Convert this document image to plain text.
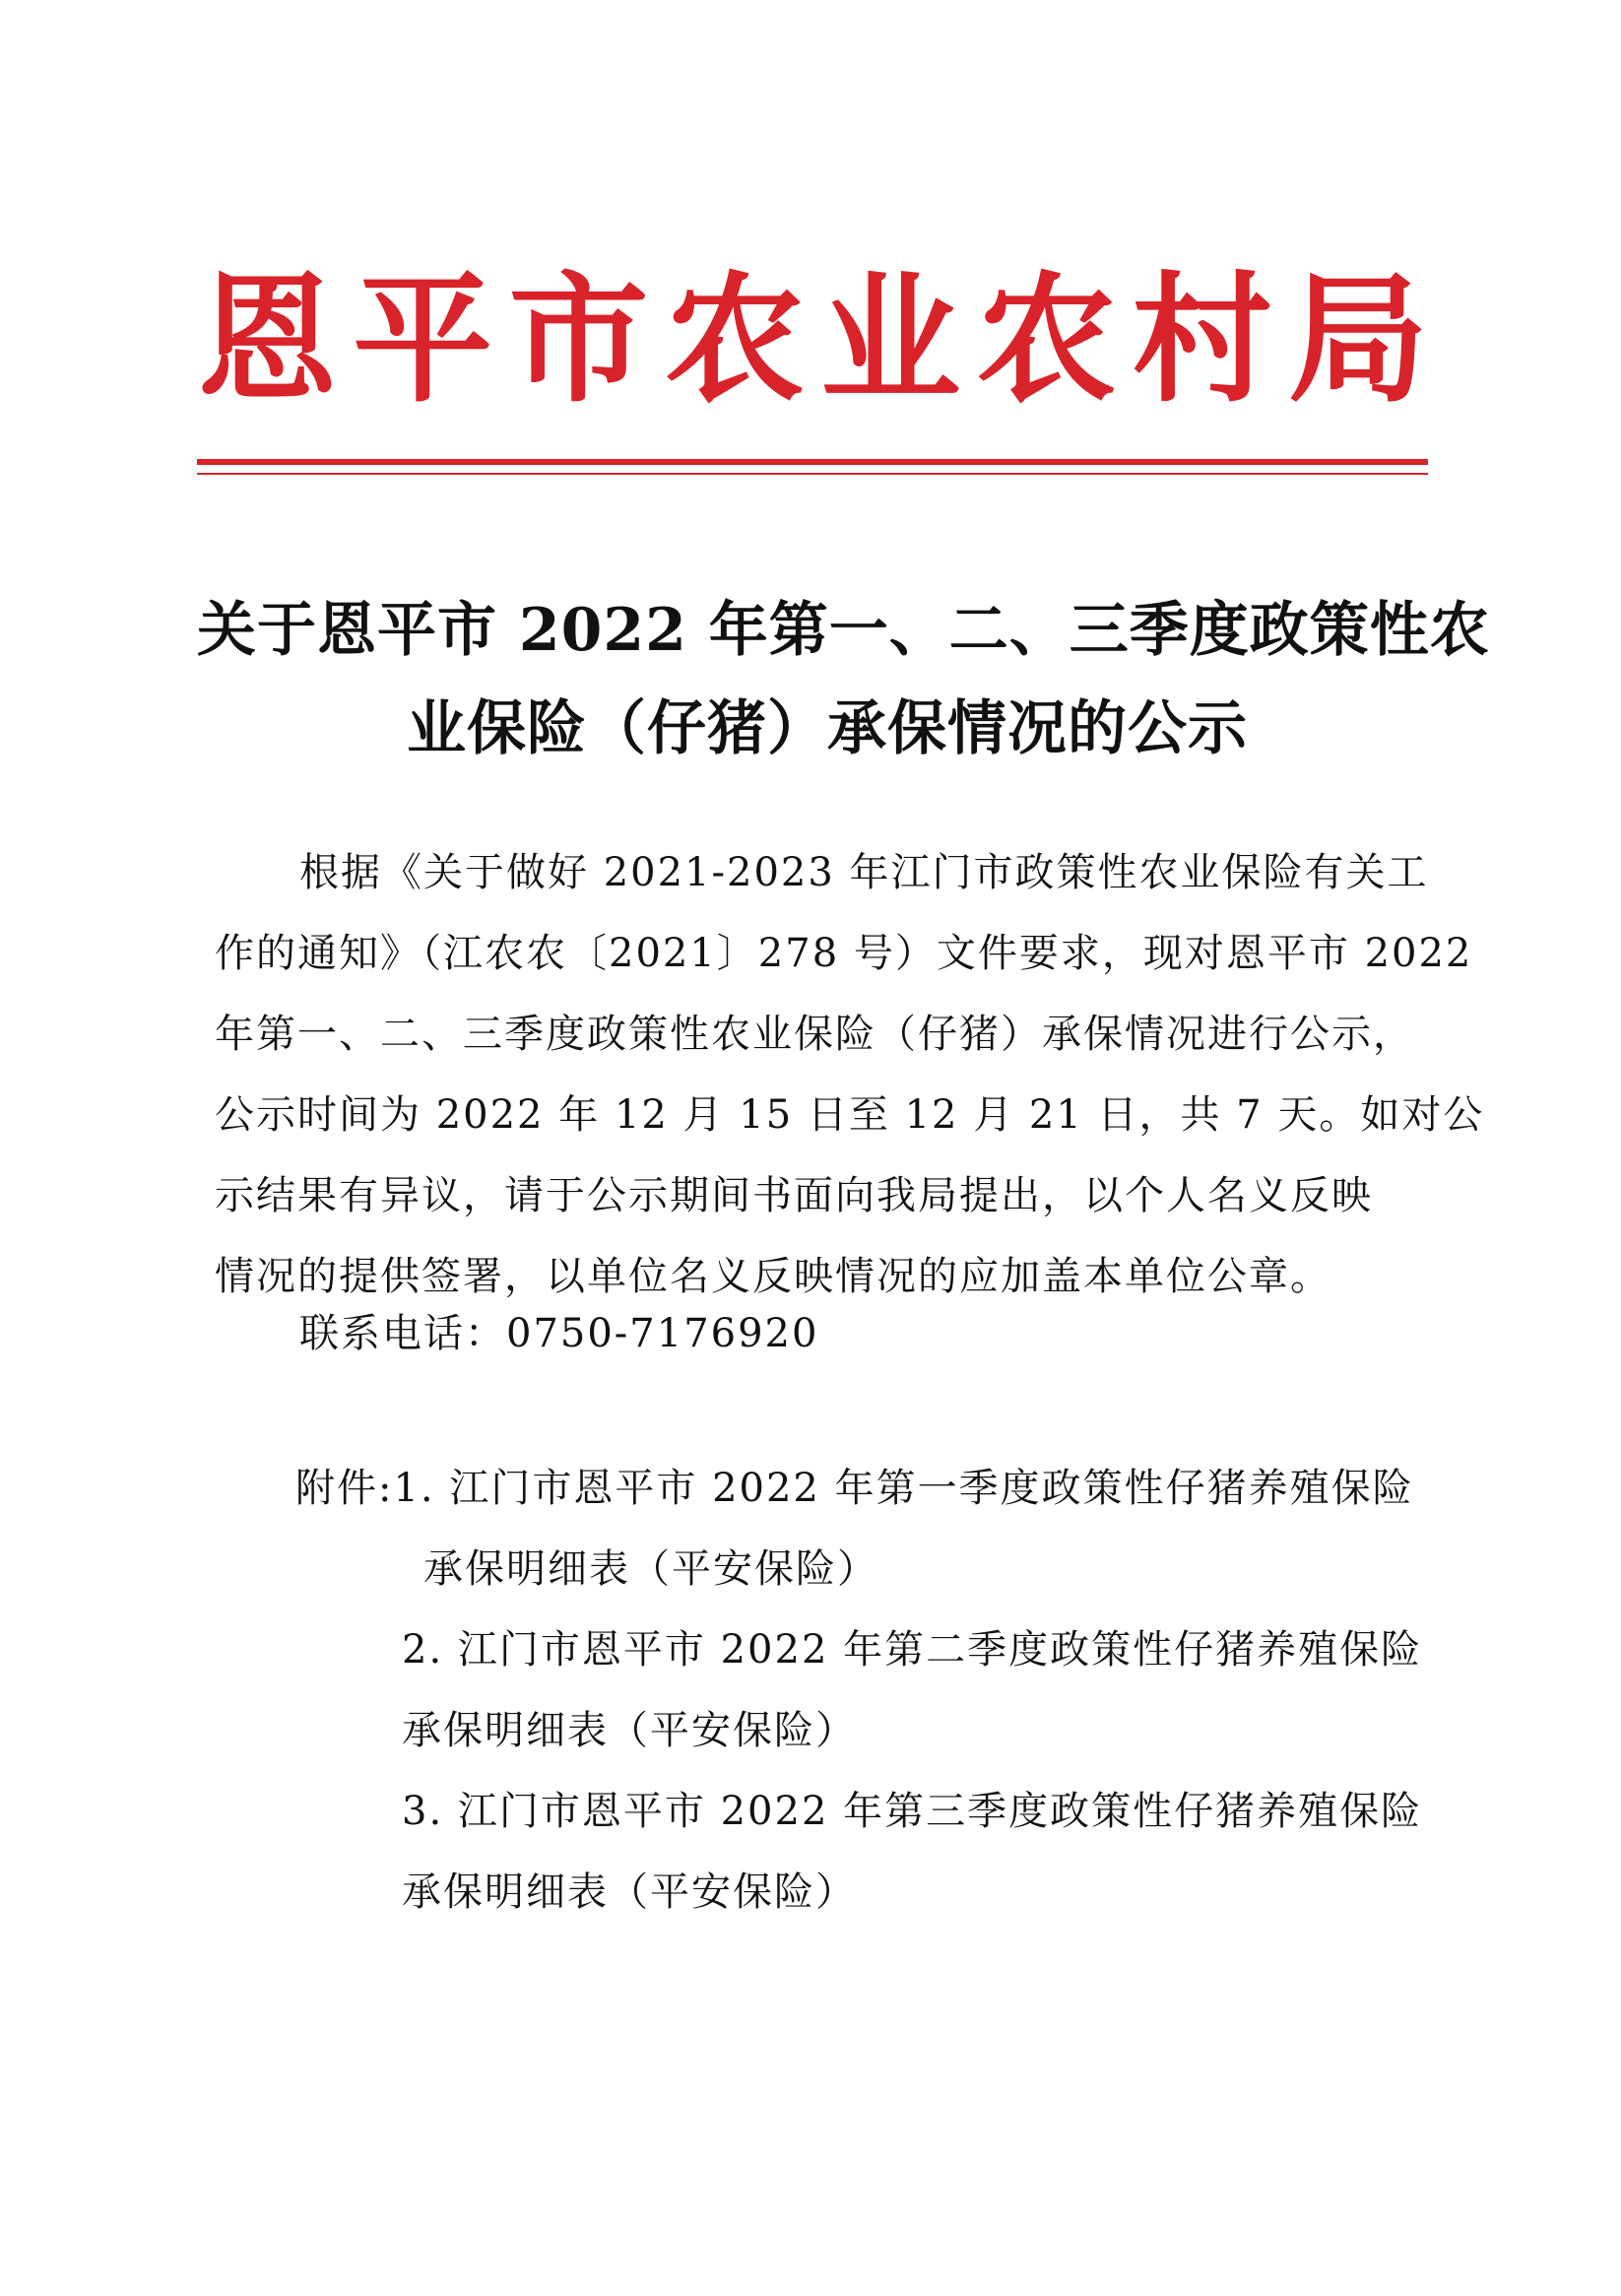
恩 平 市 农 业 农 村 局
关于恩平市 2022 年第一、二、三季度政策性农
业保险（仔猪）承保情况的公示
根据《关于做好 2021-2023 年江门市政策性农业保险有关工
作的通知》（江农农〔2021〕278 号）文件要求，现对恩平市 2022
年第一、二、三季度政策性农业保险（仔猪）承保情况进行公示，
公示时间为 2022 年 12 月 15 日至 12 月 21 日，共 7 天。如对公
示结果有异议，请于公示期间书面向我局提出，以个人名义反映
情况的提供签署，以单位名义反映情况的应加盖本单位公章。
联系电话：0750-7176920
附件:1. 江门市恩平市 2022 年第一季度政策性仔猪养殖保险
承保明细表（平安保险）
2. 江门市恩平市 2022 年第二季度政策性仔猪养殖保险
承保明细表（平安保险）
3. 江门市恩平市 2022 年第三季度政策性仔猪养殖保险
承保明细表（平安保险）
